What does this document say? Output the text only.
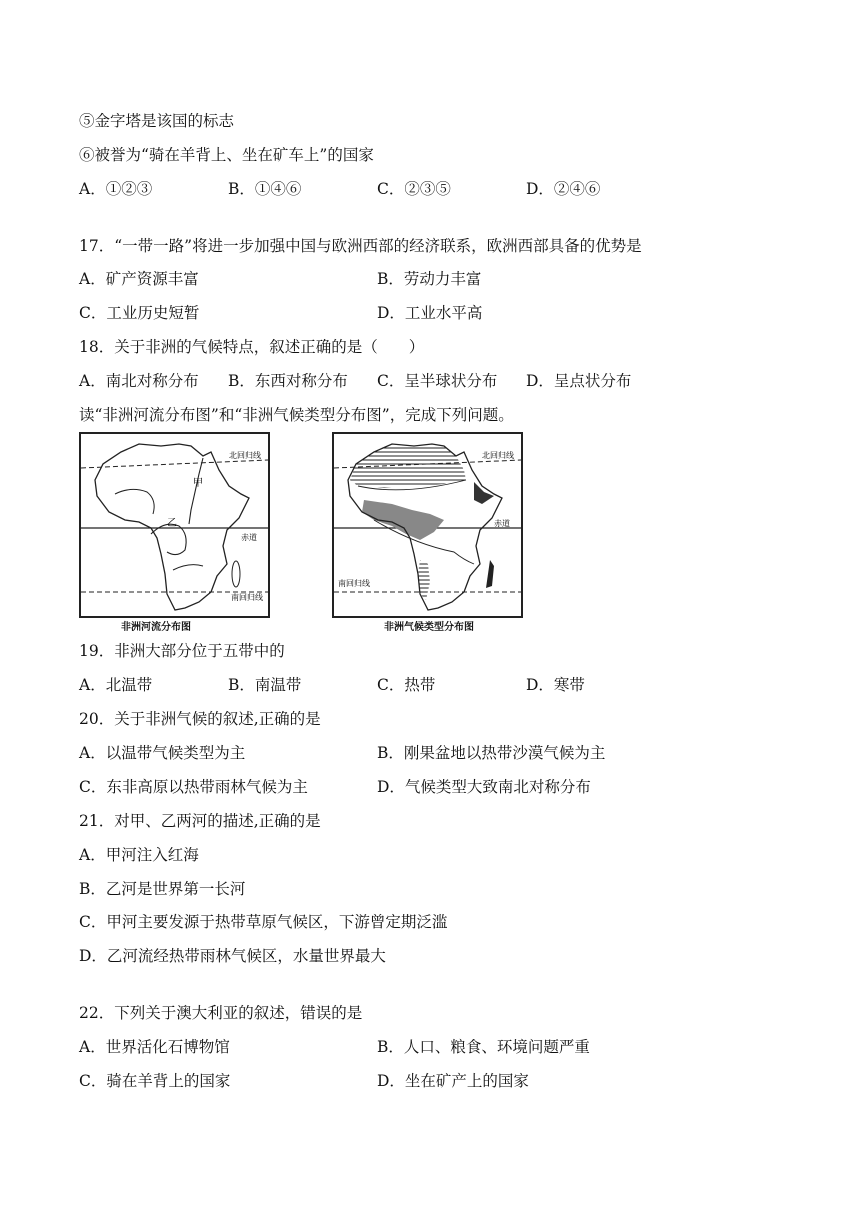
⑤金字塔是该国的标志
⑥被誉为“骑在羊背上、坐在矿车上”的国家
A．①②③	B．①④⑥	C．②③⑤	D．②④⑥
17．“一带一路”将进一步加强中国与欧洲西部的经济联系，欧洲西部具备的优势是
A．矿产资源丰富	B．劳动力丰富
C．工业历史短暂	D．工业水平高
18．关于非洲的气候特点，叙述正确的是（　　）
A．南北对称分布 B．东西对称分布 C．呈半球状分布 D．呈点状分布
读“非洲河流分布图”和“非洲气候类型分布图”，完成下列问题。
北回归线
甲
乙
赤道
南回归线
非洲河流分布图
北回归线
赤道
南回归线
非洲气候类型分布图
19．非洲大部分位于五带中的
A．北温带	B．南温带	C．热带	D．寒带
20．关于非洲气候的叙述,正确的是
A．以温带气候类型为主	B．刚果盆地以热带沙漠气候为主
C．东非高原以热带雨林气候为主	D．气候类型大致南北对称分布
21．对甲、乙两河的描述,正确的是
A．甲河注入红海
B．乙河是世界第一长河
C．甲河主要发源于热带草原气候区，下游曾定期泛滥
D．乙河流经热带雨林气候区，水量世界最大
22．下列关于澳大利亚的叙述，错误的是
A．世界活化石博物馆	B．人口、粮食、环境问题严重
C．骑在羊背上的国家	D．坐在矿产上的国家
